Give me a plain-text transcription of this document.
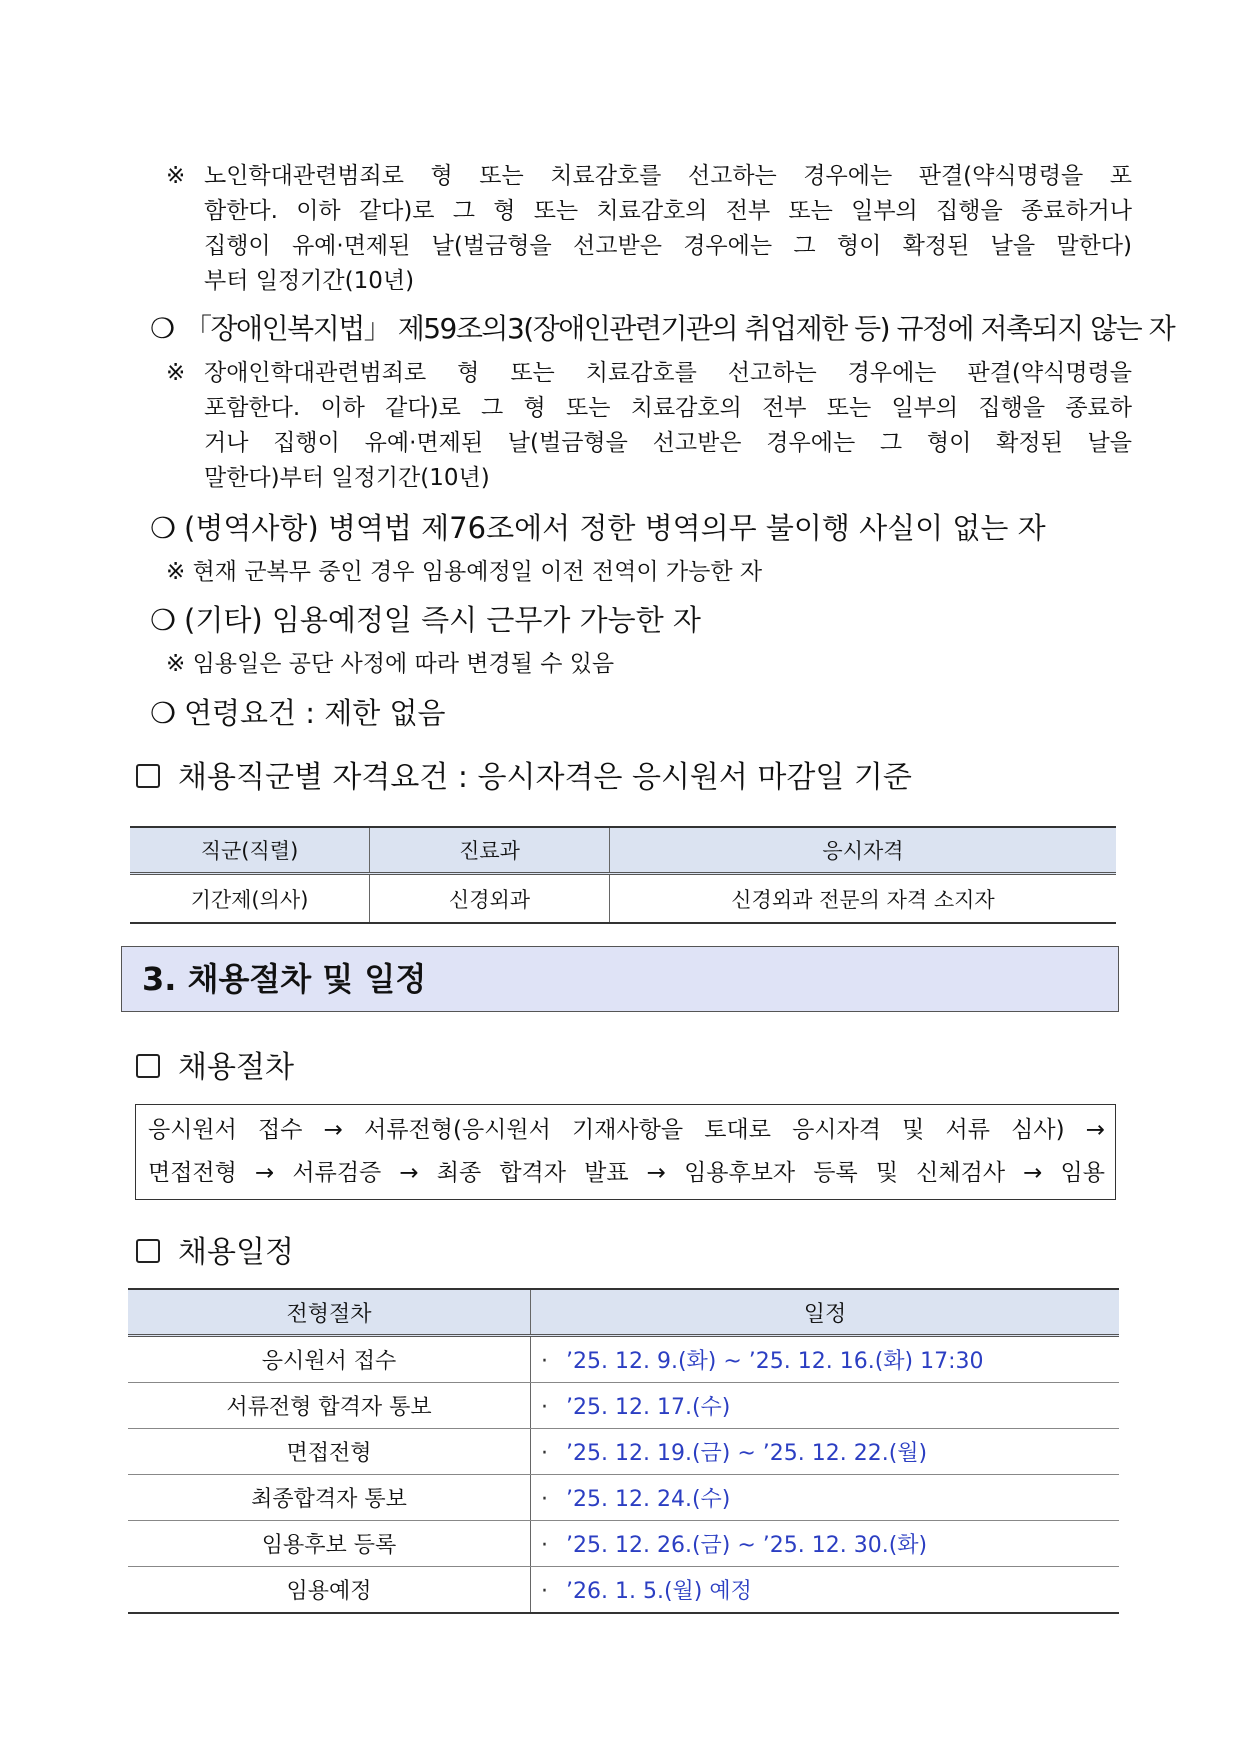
※ 노인학대관련범죄로 형 또는 치료감호를 선고하는 경우에는 판결(약식명령을 포
함한다. 이하 같다)로 그 형 또는 치료감호의 전부 또는 일부의 집행을 종료하거나
집행이 유예·면제된 날(벌금형을 선고받은 경우에는 그 형이 확정된 날을 말한다)
부터 일정기간(10년)
❍ 「장애인복지법」 제59조의3(장애인관련기관의 취업제한 등) 규정에 저촉되지 않는 자
※ 장애인학대관련범죄로 형 또는 치료감호를 선고하는 경우에는 판결(약식명령을
포함한다. 이하 같다)로 그 형 또는 치료감호의 전부 또는 일부의 집행을 종료하
거나 집행이 유예·면제된 날(벌금형을 선고받은 경우에는 그 형이 확정된 날을
말한다)부터 일정기간(10년)
❍ (병역사항) 병역법 제76조에서 정한 병역의무 불이행 사실이 없는 자
※ 현재 군복무 중인 경우 임용예정일 이전 전역이 가능한 자
❍ (기타) 임용예정일 즉시 근무가 가능한 자
※ 임용일은 공단 사정에 따라 변경될 수 있음
❍ 연령요건 : 제한 없음
채용직군별 자격요건 : 응시자격은 응시원서 마감일 기준
직군(직렬)	진료과	응시자격
기간제(의사)	신경외과	신경외과 전문의 자격 소지자
3. 채용절차 및 일정
채용절차
응시원서 접수 → 서류전형(응시원서 기재사항을 토대로 응시자격 및 서류 심사) →
면접전형 → 서류검증 → 최종 합격자 발표 → 임용후보자 등록 및 신체검사 → 임용
채용일정
전형절차	일정
응시원서 접수	· ’25. 12. 9.(화) ~ ’25. 12. 16.(화) 17:30
서류전형 합격자 통보	· ’25. 12. 17.(수)
면접전형	· ’25. 12. 19.(금) ~ ’25. 12. 22.(월)
최종합격자 통보	· ’25. 12. 24.(수)
임용후보 등록	· ’25. 12. 26.(금) ~ ’25. 12. 30.(화)
임용예정	· ’26. 1. 5.(월) 예정
